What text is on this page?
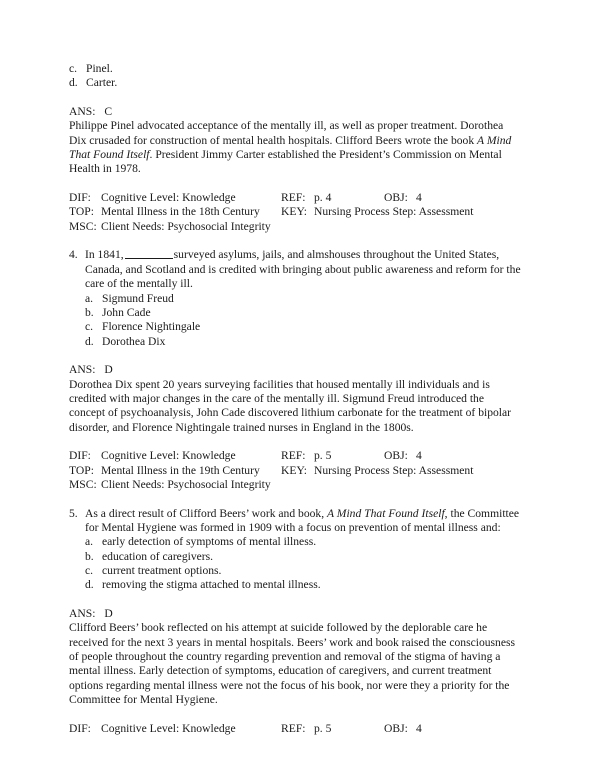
c. Pinel.
d. Carter.
ANS: C

Philippe Pinel advocated acceptance of the mentally ill, as well as proper treatment. Dorothea Dix crusaded for construction of mental health hospitals. Clifford Beers wrote the book A Mind That Found Itself. President Jimmy Carter established the President’s Commission on Mental Health in 1978.

DIF: Cognitive Level: Knowledge	REF: p. 4	OBJ: 4
TOP: Mental Illness in the 18th Century KEY: Nursing Process Step: Assessment
MSC: Client Needs: Psychosocial Integrity
4. In 1841,	surveyed asylums, jails, and almshouses throughout the United States, Canada, and Scotland and is credited with bringing about public awareness and reform for the care of the mentally ill.

a. Sigmund Freud
b. John Cade
c. Florence Nightingale
d. Dorothea Dix
ANS: D

Dorothea Dix spent 20 years surveying facilities that housed mentally ill individuals and is credited with major changes in the care of the mentally ill. Sigmund Freud introduced the concept of psychoanalysis, John Cade discovered lithium carbonate for the treatment of bipolar disorder, and Florence Nightingale trained nurses in England in the 1800s.

DIF: Cognitive Level: Knowledge	REF: p. 5	OBJ: 4
TOP: Mental Illness in the 19th Century KEY: Nursing Process Step: Assessment
MSC: Client Needs: Psychosocial Integrity
5. As a direct result of Clifford Beers’ work and book, A Mind That Found Itself, the Committee for Mental Hygiene was formed in 1909 with a focus on prevention of mental illness and:

a. early detection of symptoms of mental illness.
b. education of caregivers.
c. current treatment options.
d. removing the stigma attached to mental illness.
ANS: D

Clifford Beers’ book reflected on his attempt at suicide followed by the deplorable care he received for the next 3 years in mental hospitals. Beers’ work and book raised the consciousness of people throughout the country regarding prevention and removal of the stigma of having a mental illness. Early detection of symptoms, education of caregivers, and current treatment options regarding mental illness were not the focus of his book, nor were they a priority for the Committee for Mental Hygiene.

DIF: Cognitive Level: Knowledge	REF: p. 5	OBJ: 4
